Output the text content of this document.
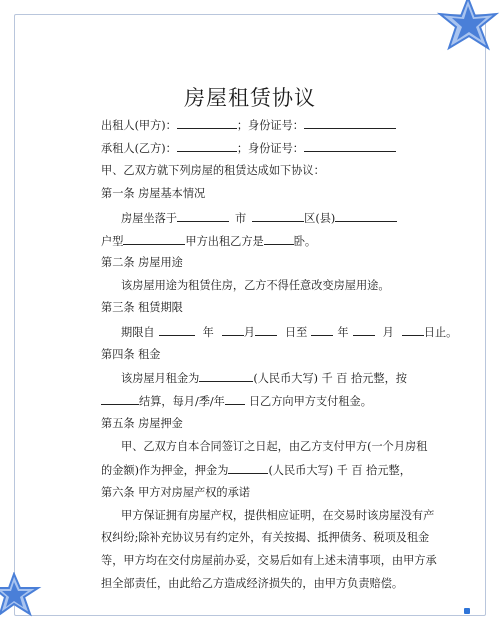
房屋租赁协议
出租人(甲方)：	；身份证号：
承租人(乙方)：	；身份证号：
甲、乙双方就下列房屋的租赁达成如下协议：
第一条 房屋基本情况
房屋坐落于	市	区(县)
户型	甲方出租乙方是	卧。
第二条 房屋用途
该房屋用途为租赁住房，乙方不得任意改变房屋用途。
第三条 租赁期限
期限自	年	月	日至	年	月	日止。
第四条 租金
该房屋月租金为	(人民币大写) 千 百 拾元整，按
结算，每月/季/年 日乙方向甲方支付租金。
第五条 房屋押金
甲、乙双方自本合同签订之日起，由乙方支付甲方(一个月房租
的金额)作为押金，押金为	(人民币大写) 千 百 拾元整，
第六条 甲方对房屋产权的承诺
甲方保证拥有房屋产权，提供相应证明，在交易时该房屋没有产
权纠纷;除补充协议另有约定外，有关按揭、抵押债务、税项及租金
等，甲方均在交付房屋前办妥，交易后如有上述未清事项，由甲方承
担全部责任，由此给乙方造成经济损失的，由甲方负责赔偿。
